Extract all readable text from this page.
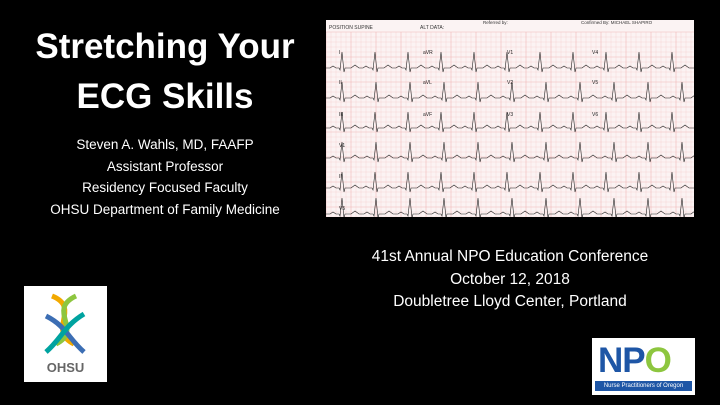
Stretching Your
ECG Skills
Steven A. Wahls, MD, FAAFP
Assistant Professor
Residency Focused Faculty
OHSU Department of Family Medicine
POSITION SUPINE	ALT DATA:
Referred by:	Confirmed By: MICHAEL SHAPIRO
I	aVR	V1	V4
II	aVL	V2	V5
III	aVF	V3	V6
V1
II
V5
41st Annual NPO Education Conference
October 12, 2018
Doubletree Lloyd Center, Portland
OHSU	NPO
Nurse Practitioners of Oregon
